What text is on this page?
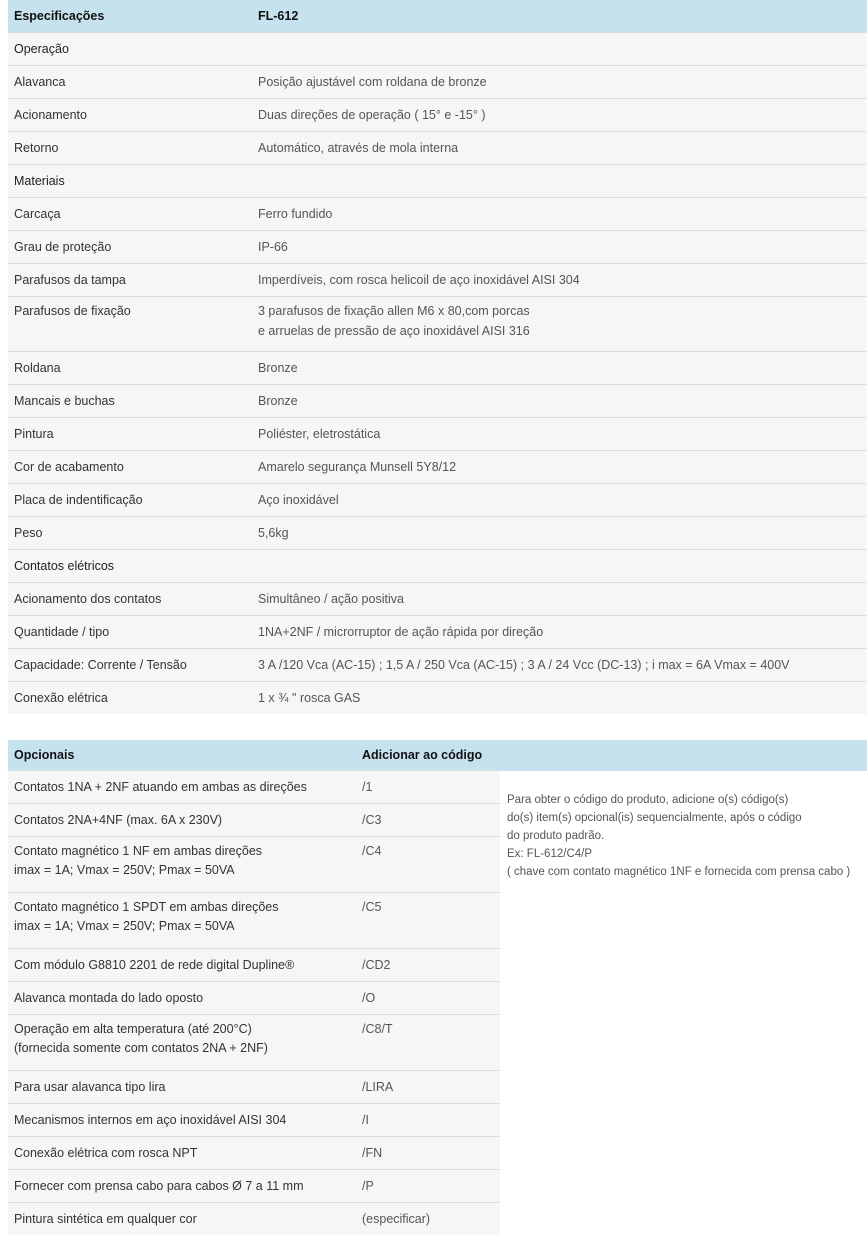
Especificações	FL-612
Operação	
Alavanca	Posição ajustável com roldana de bronze
Acionamento	Duas direções de operação ( 15° e -15° )
Retorno	Automático, através de mola interna
Materiais	
Carcaça	Ferro fundido
Grau de proteção	IP-66
Parafusos da tampa	Imperdíveis, com rosca helicoil de aço inoxidável AISI 304
Parafusos de fixação	3 parafusos de fixação allen M6 x 80,com porcas
e arruelas de pressão de aço inoxidável AISI 316

Roldana	Bronze
Mancais e buchas	Bronze
Pintura	Poliéster, eletrostática
Cor de acabamento	Amarelo segurança Munsell 5Y8/12
Placa de indentificação	Aço inoxidável
Peso	5,6kg
Contatos elétricos	
Acionamento dos contatos	Simultâneo / ação positiva
Quantidade / tipo	1NA+2NF / microrruptor de ação rápida por direção
Capacidade: Corrente / Tensão	3 A /120 Vca (AC-15) ; 1,5 A / 250 Vca (AC-15) ; 3 A / 24 Vcc (DC-13) ; i max = 6A Vmax = 400V
Conexão elétrica	1 x ¾ " rosca GAS
Opcionais	Adicionar ao código	
Contatos 1NA + 2NF atuando em ambas as direções	/1	Para obter o código do produto, adicione o(s) código(s)
do(s) item(s) opcional(is) sequencialmente, após o código
do produto padrão.
Ex: FL-612/C4/P
( chave com contato magnético 1NF e fornecida com prensa cabo )

Contatos 2NA+4NF (max. 6A x 230V)	/C3	

Contato magnético 1 NF em ambas direções
imax = 1A; Vmax = 250V; Pmax = 50VA	/C4	

Contato magnético 1 SPDT em ambas direções
imax = 1A; Vmax = 250V; Pmax = 50VA	/C5	
Com módulo G8810 2201 de rede digital Dupline®	/CD2	
Alavanca montada do lado oposto	/O	

Operação em alta temperatura (até 200°C)
(fornecida somente com contatos 2NA + 2NF)	/C8/T	
Para usar alavanca tipo lira	/LIRA	
Mecanismos internos em aço inoxidável AISI 304	/I	
Conexão elétrica com rosca NPT	/FN	
Fornecer com prensa cabo para cabos Ø 7 a 11 mm	/P	
Pintura sintética em qualquer cor	(especificar)	
